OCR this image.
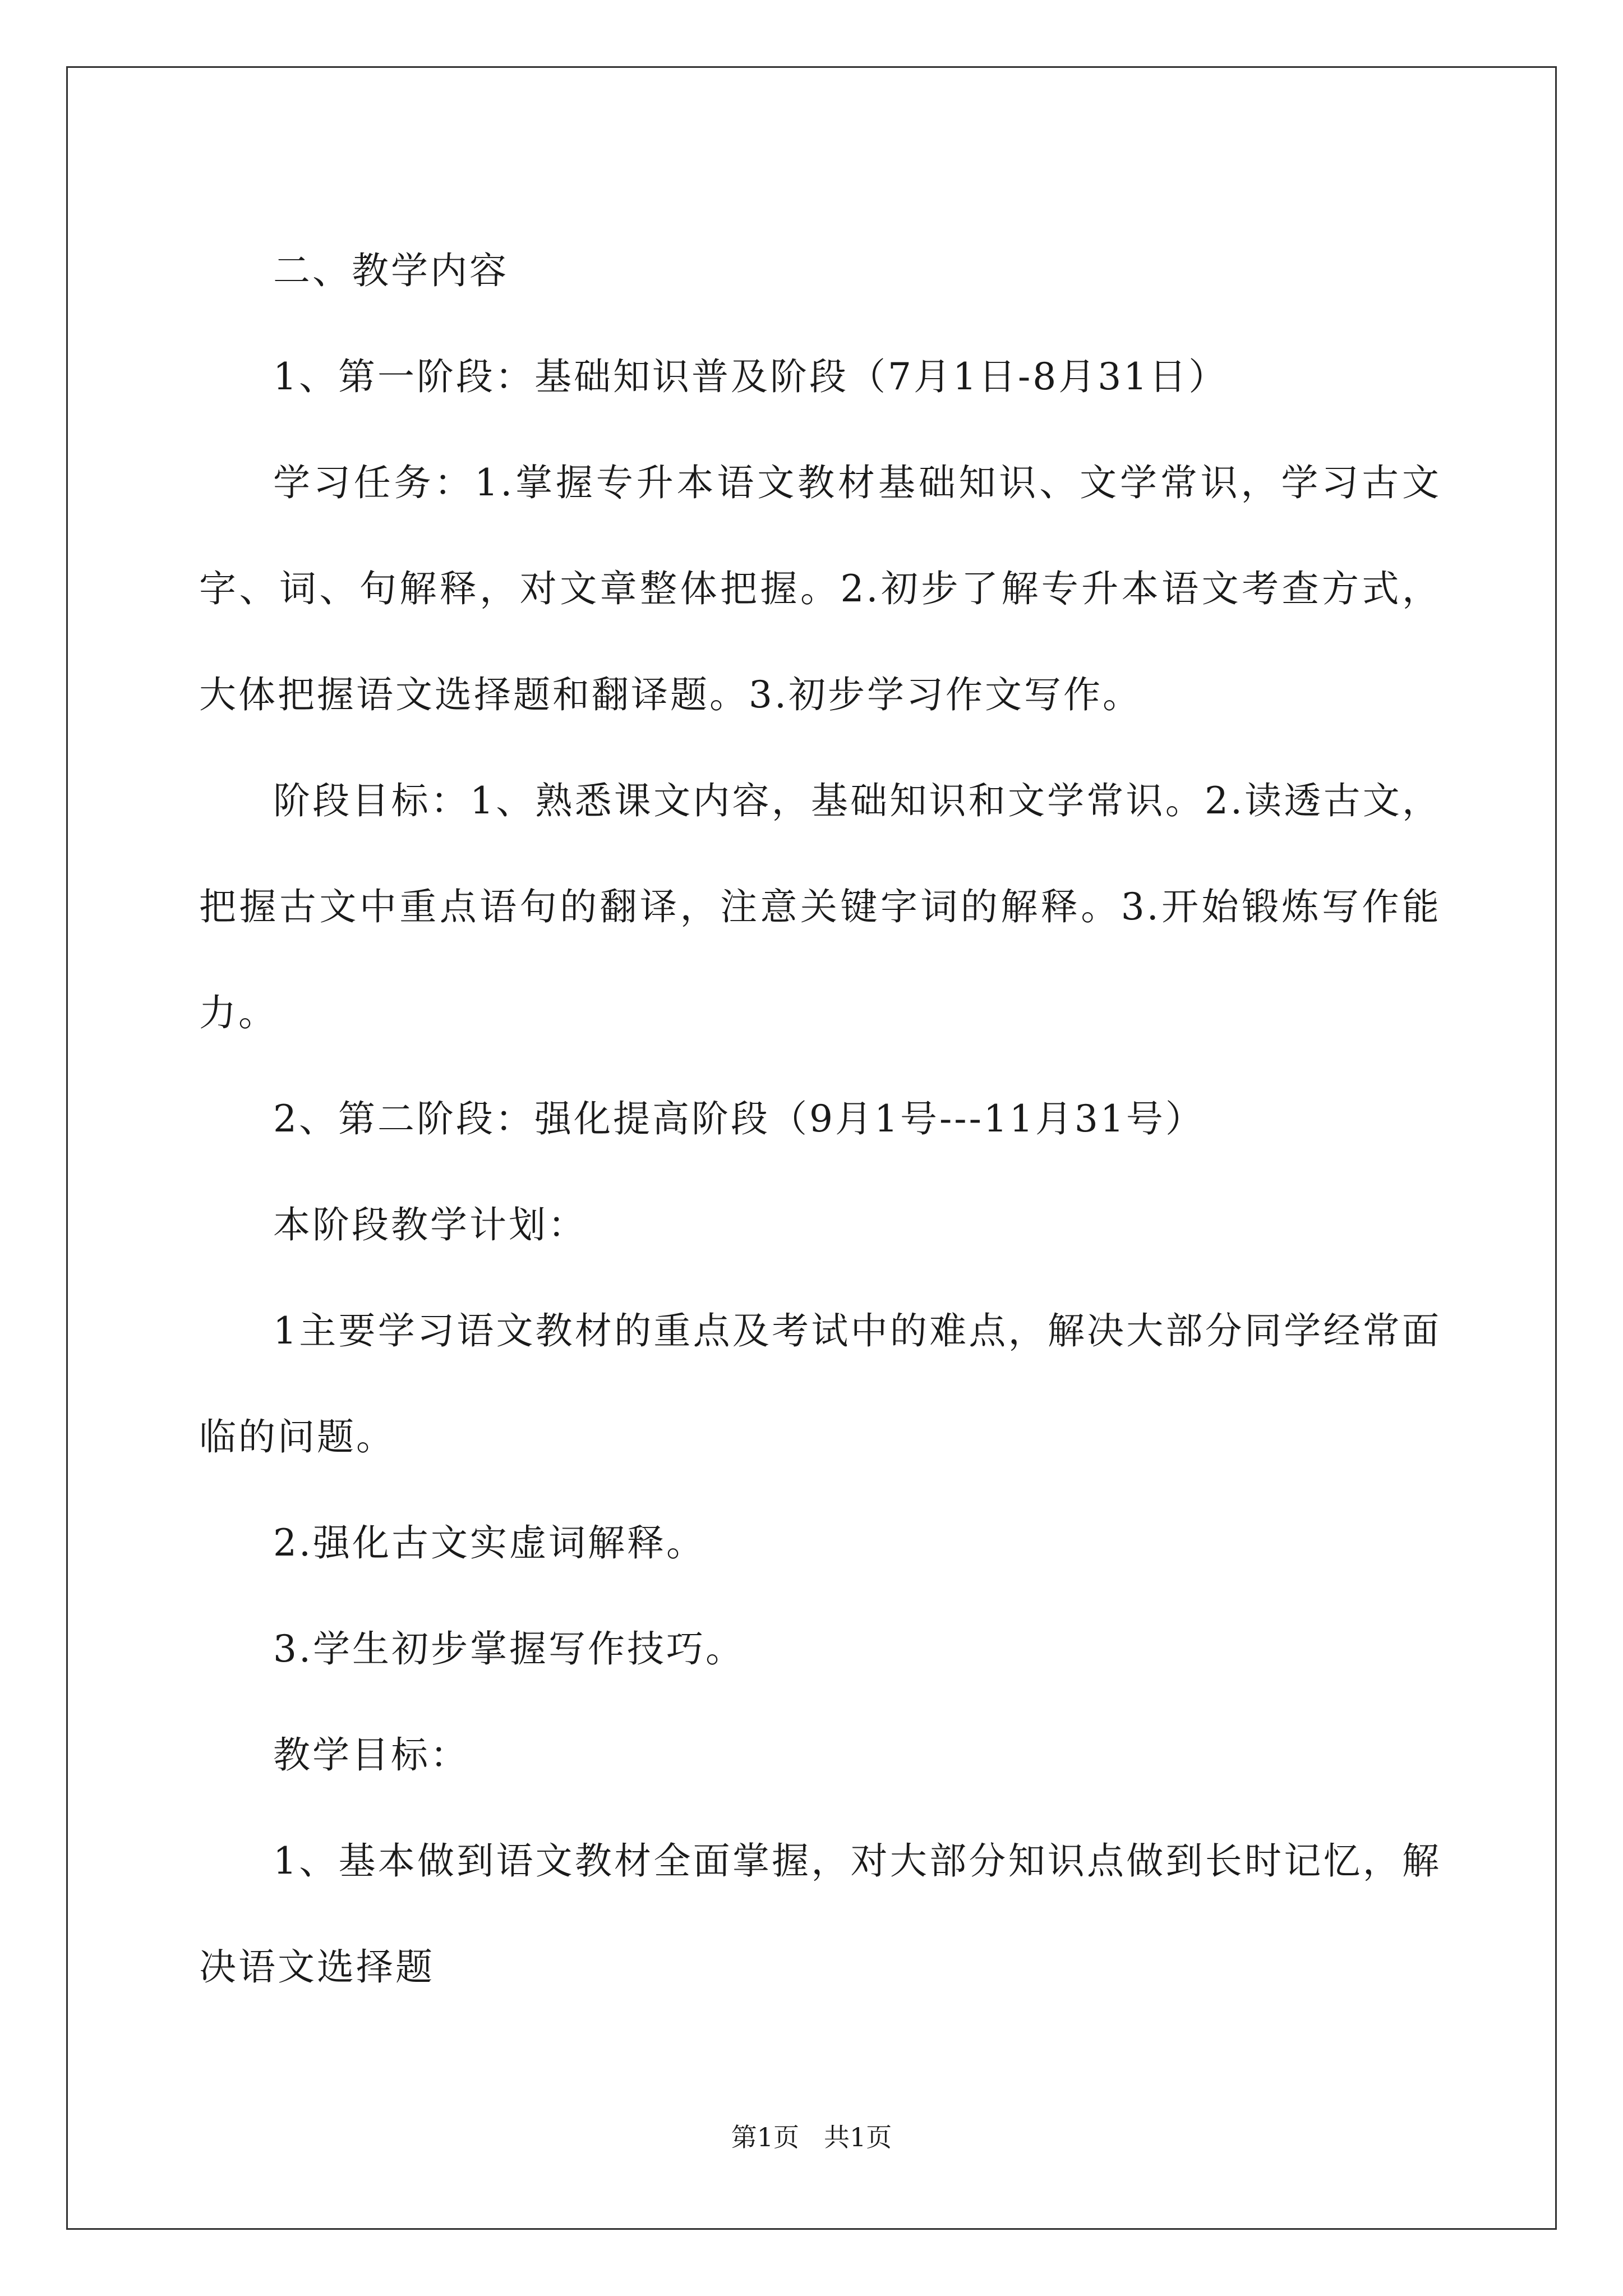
二、教学内容

1、第一阶段：基础知识普及阶段（7月1日-8月31日）

学习任务：1.掌握专升本语文教材基础知识、文学常识，学习古文字、词、句解释，对文章整体把握。2.初步了解专升本语文考查方式，大体把握语文选择题和翻译题。3.初步学习作文写作。

阶段目标：1、熟悉课文内容，基础知识和文学常识。2.读透古文，把握古文中重点语句的翻译，注意关键字词的解释。3.开始锻炼写作能力。

2、第二阶段：强化提高阶段（9月1号---11月31号）

本阶段教学计划：

1主要学习语文教材的重点及考试中的难点，解决大部分同学经常面临的问题。

2.强化古文实虚词解释。

3.学生初步掌握写作技巧。

教学目标：

1、基本做到语文教材全面掌握，对大部分知识点做到长时记忆，解决语文选择题

第1页 共1页
